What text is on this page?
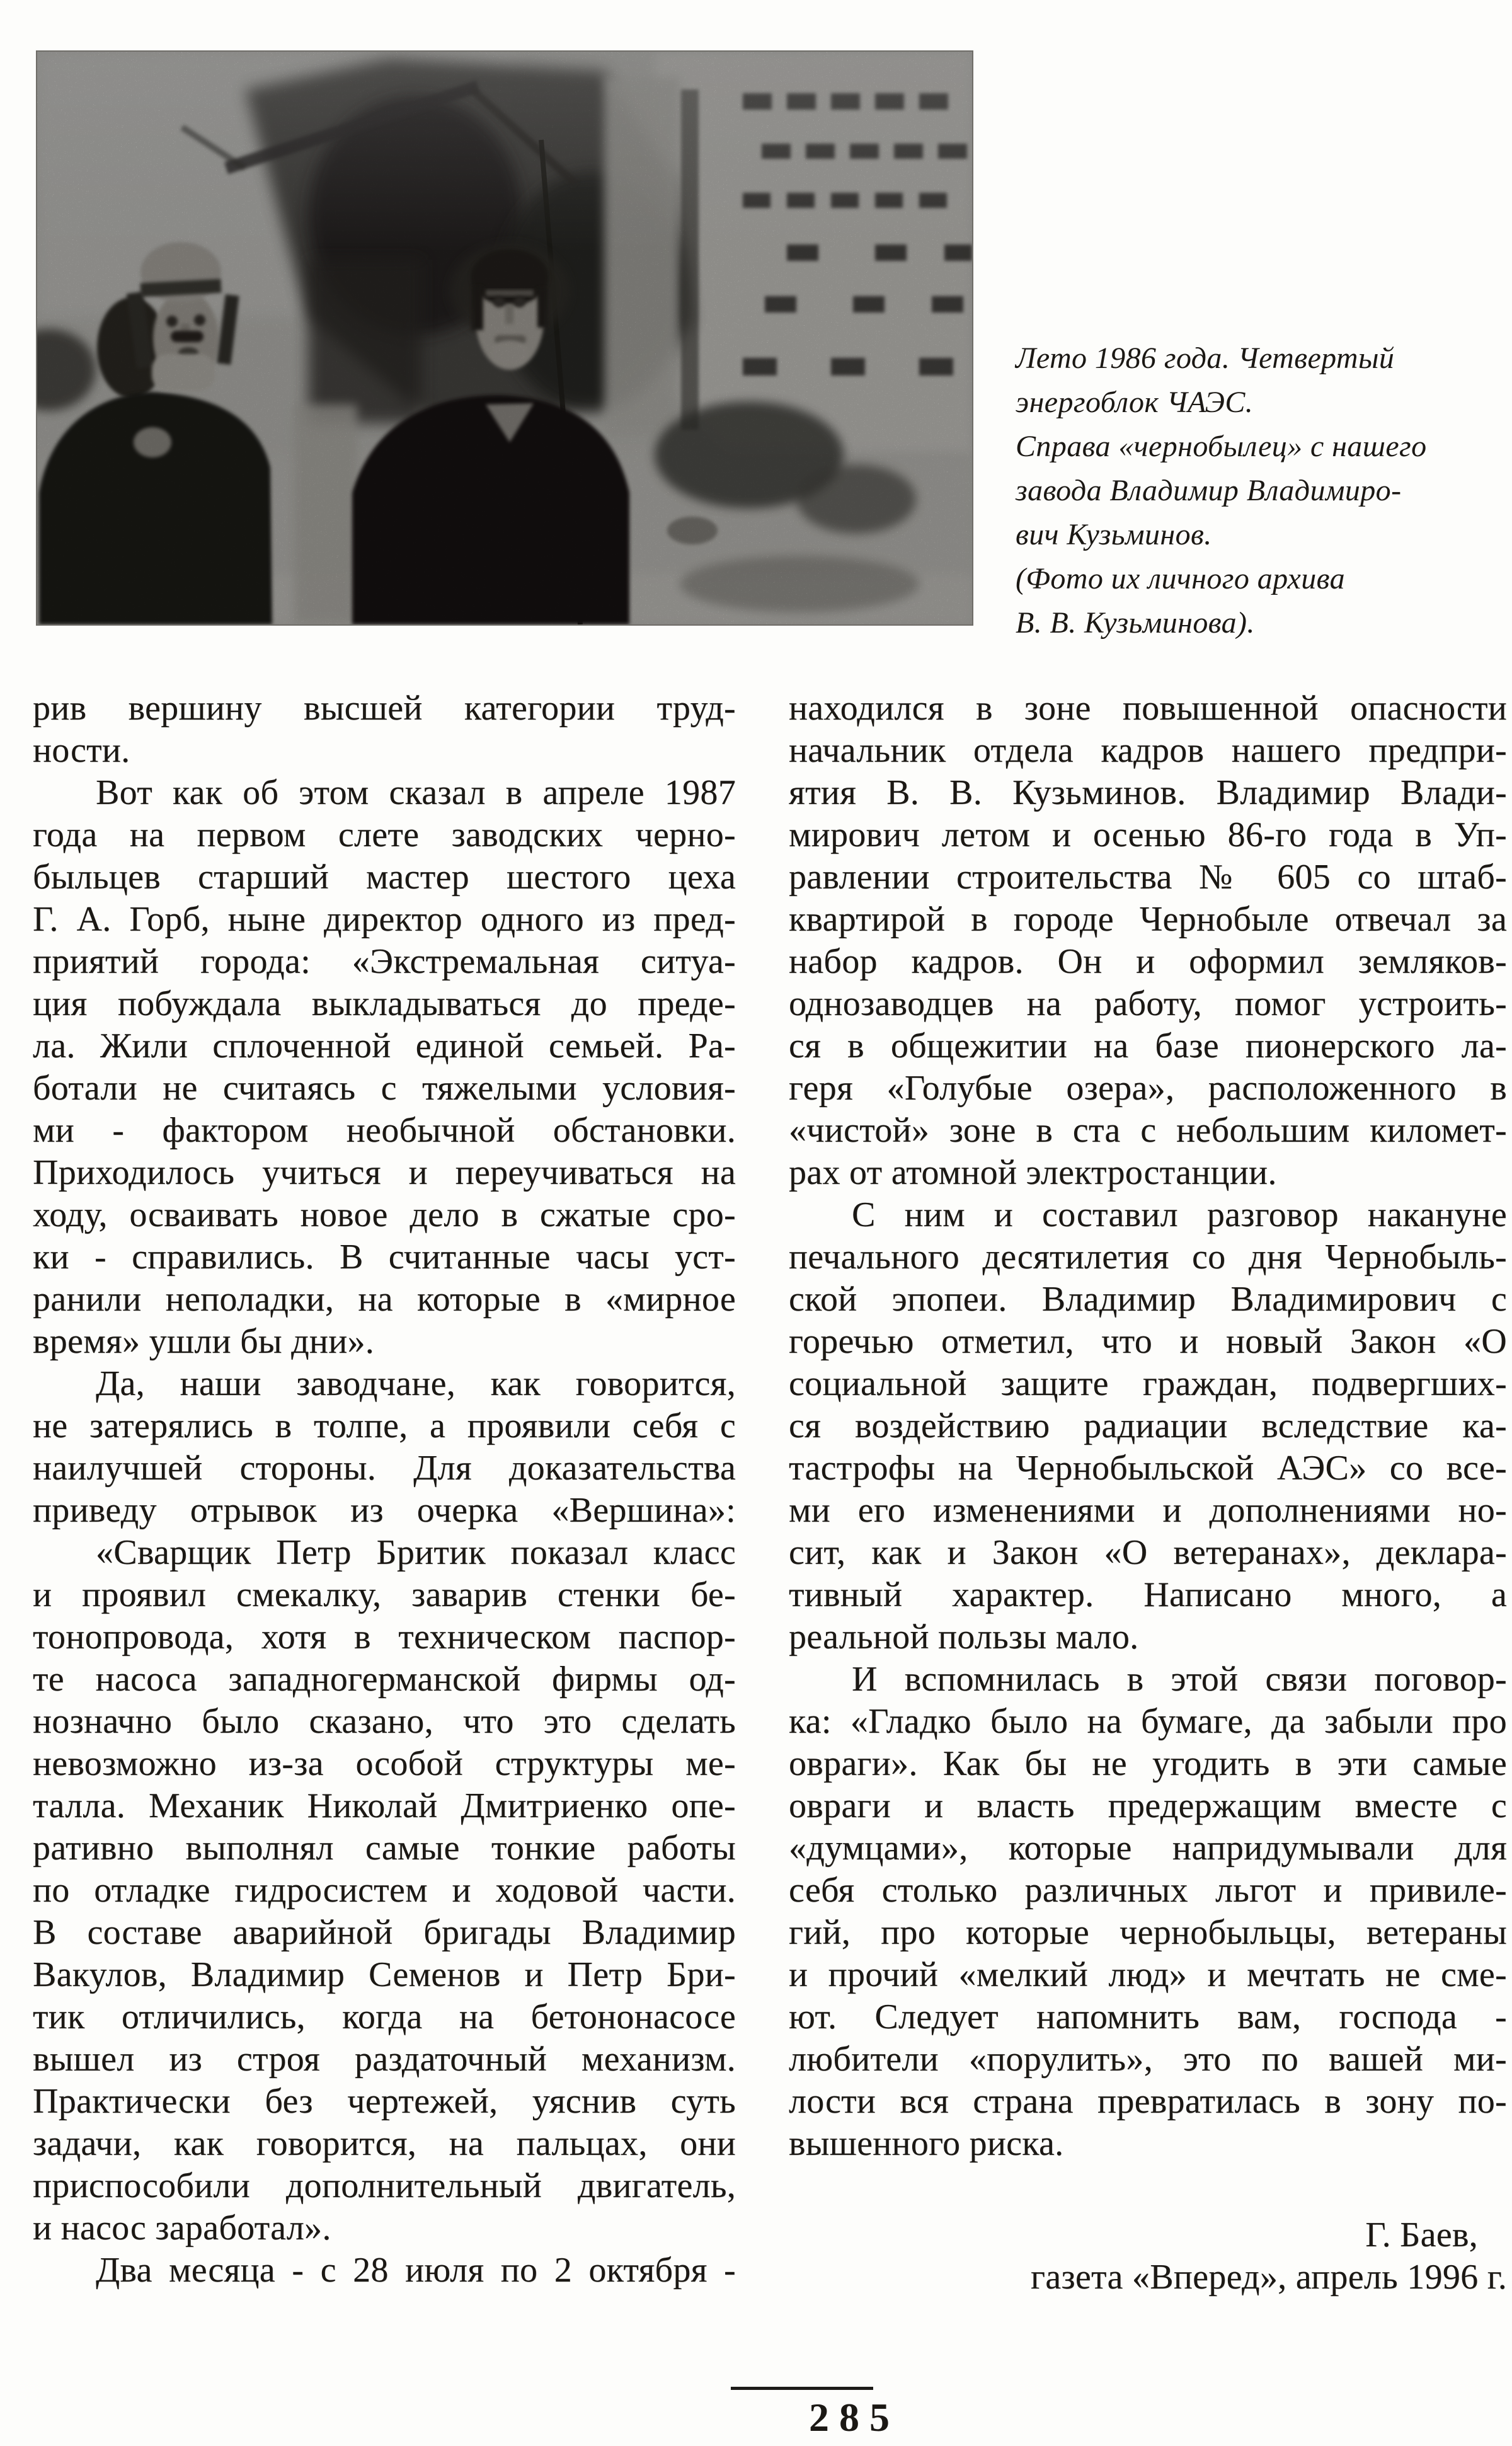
Лето 1986 года. Четвертый
энергоблок ЧАЭС.
Справа «чернобылец» с нашего
завода Владимир Владимиро-
вич Кузьминов.
(Фото их личного архива
В. В. Кузьминова).
рив вершину высшей категории труд-
ности.
Вот как об этом сказал в апреле 1987
года на первом слете заводских черно-
быльцев старший мастер шестого цеха
Г. А. Горб, ныне директор одного из пред-
приятий города: «Экстремальная ситуа-
ция побуждала выкладываться до преде-
ла. Жили сплоченной единой семьей. Ра-
ботали не считаясь с тяжелыми условия-
ми - фактором необычной обстановки.
Приходилось учиться и переучиваться на
ходу, осваивать новое дело в сжатые сро-
ки - справились. В считанные часы уст-
ранили неполадки, на которые в «мирное
время» ушли бы дни».
Да, наши заводчане, как говорится,
не затерялись в толпе, а проявили себя с
наилучшей стороны. Для доказательства
приведу отрывок из очерка «Вершина»:
«Сварщик Петр Бритик показал класс
и проявил смекалку, заварив стенки бе-
тонопровода, хотя в техническом паспор-
те насоса западногерманской фирмы од-
нозначно было сказано, что это сделать
невозможно из-за особой структуры ме-
талла. Механик Николай Дмитриенко опе-
ративно выполнял самые тонкие работы
по отладке гидросистем и ходовой части.
В составе аварийной бригады Владимир
Вакулов, Владимир Семенов и Петр Бри-
тик отличились, когда на бетононасосе
вышел из строя раздаточный механизм.
Практически без чертежей, уяснив суть
задачи, как говорится, на пальцах, они
приспособили дополнительный двигатель,
и насос заработал».
Два месяца - с 28 июля по 2 октября -
находился в зоне повышенной опасности
начальник отдела кадров нашего предпри-
ятия В. В. Кузьминов. Владимир Влади-
мирович летом и осенью 86-го года в Уп-
равлении строительства № 605 со штаб-
квартирой в городе Чернобыле отвечал за
набор кадров. Он и оформил земляков-
однозаводцев на работу, помог устроить-
ся в общежитии на базе пионерского ла-
геря «Голубые озера», расположенного в
«чистой» зоне в ста с небольшим километ-
рах от атомной электростанции.
С ним и составил разговор накануне
печального десятилетия со дня Чернобыль-
ской эпопеи. Владимир Владимирович с
горечью отметил, что и новый Закон «О
социальной защите граждан, подвергших-
ся воздействию радиации вследствие ка-
тастрофы на Чернобыльской АЭС» со все-
ми его изменениями и дополнениями но-
сит, как и Закон «О ветеранах», деклара-
тивный характер. Написано много, а
реальной пользы мало.
И вспомнилась в этой связи поговор-
ка: «Гладко было на бумаге, да забыли про
овраги». Как бы не угодить в эти самые
овраги и власть предержащим вместе с
«думцами», которые напридумывали для
себя столько различных льгот и привиле-
гий, про которые чернобыльцы, ветераны
и прочий «мелкий люд» и мечтать не сме-
ют. Следует напомнить вам, господа -
любители «порулить», это по вашей ми-
лости вся страна превратилась в зону по-
вышенного риска.
Г. Баев,
газета «Вперед», апрель 1996 г.
285
